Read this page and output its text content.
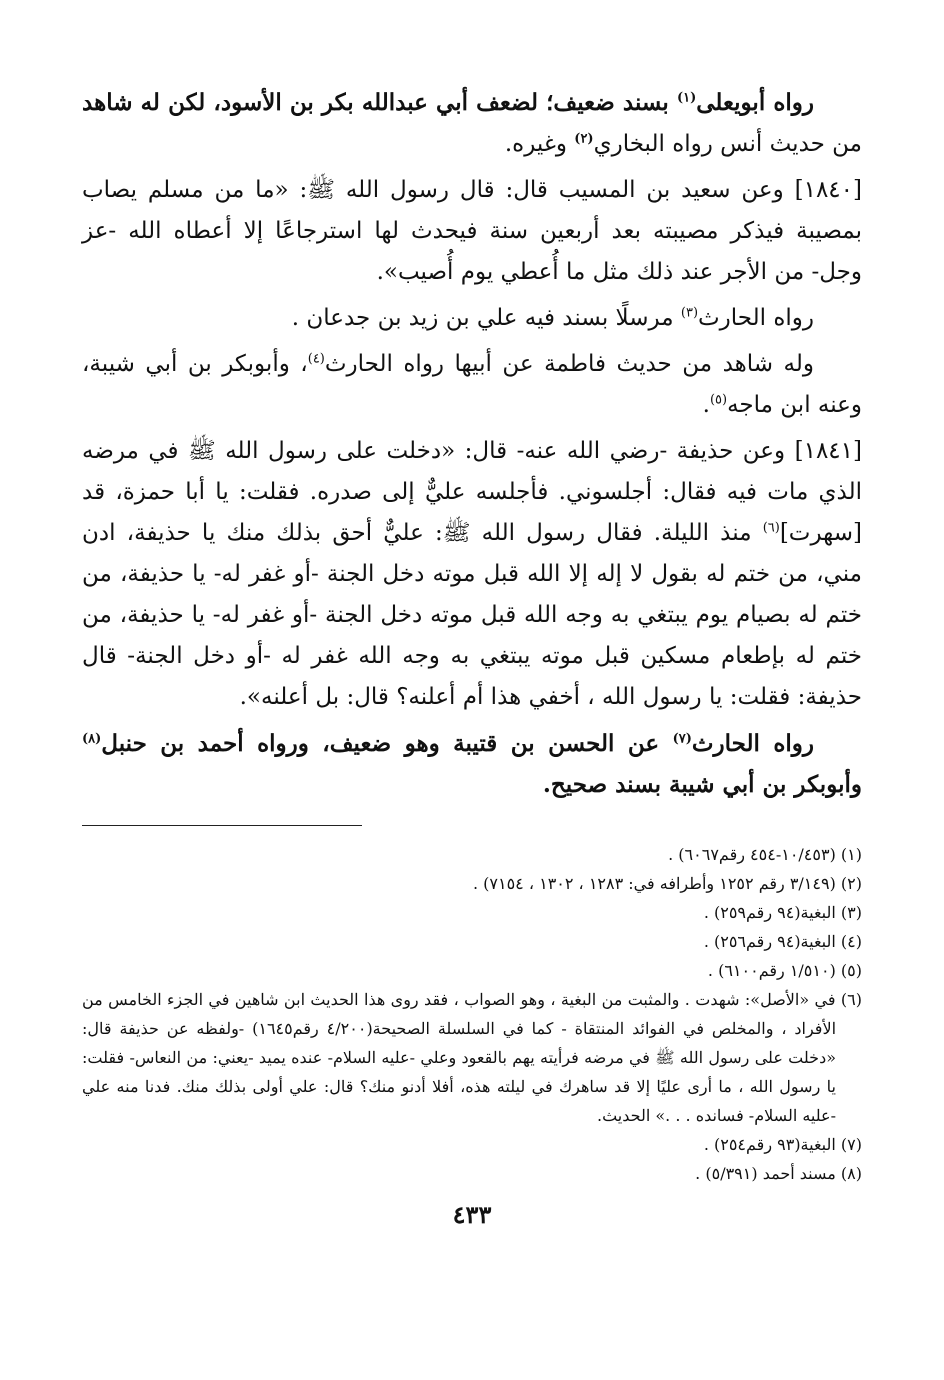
رواه أبويعلى$^{(١)}$ بسند ضعيف؛ لضعف أبي عبدالله بكر بن الأسود، لكن له شاهد من حديث أنس رواه البخاري$^{(٢)}$ وغيره.

[١٨٤٠] وعن سعيد بن المسيب قال: قال رسول الله ﷺ: «ما من مسلم يصاب بمصيبة فيذكر مصيبته بعد أربعين سنة فيحدث لها استرجاعًا إلا أعطاه الله -عز وجل- من الأجر عند ذلك مثل ما أُعطي يوم أُصيب».

رواه الحارث$^{(٣)}$ مرسلًا بسند فيه علي بن زيد بن جدعان .

وله شاهد من حديث فاطمة عن أبيها رواه الحارث$^{(٤)}$، وأبوبكر بن أبي شيبة، وعنه ابن ماجه$^{(٥)}$.

[١٨٤١] وعن حذيفة -رضي الله عنه- قال: «دخلت على رسول الله ﷺ في مرضه الذي مات فيه فقال: أجلسوني. فأجلسه عليٌّ إلى صدره. فقلت: يا أبا حمزة، قد [سهرت]$^{(٦)}$ منذ الليلة. فقال رسول الله ﷺ: عليٌّ أحق بذلك منك يا حذيفة، ادن مني، من ختم له بقول لا إله إلا الله قبل موته دخل الجنة -أو غفر له- يا حذيفة، من ختم له بصيام يوم يبتغي به وجه الله قبل موته دخل الجنة -أو غفر له- يا حذيفة، من ختم له بإطعام مسكين قبل موته يبتغي به وجه الله غفر له -أو دخل الجنة- قال حذيفة: فقلت: يا رسول الله ، أخفي هذا أم أعلنه؟ قال: بل أعلنه».

رواه الحارث$^{(٧)}$ عن الحسن بن قتيبة وهو ضعيف، ورواه أحمد بن حنبل$^{(٨)}$ وأبوبكر بن أبي شيبة بسند صحيح.

(١) (١٠/٤٥٣-٤٥٤ رقم٦٠٦٧) .

(٢) (٣/١٤٩ رقم ١٢٥٢ وأطرافه في: ١٢٨٣ ، ١٣٠٢ ، ٧١٥٤) .

(٣) البغية(٩٤ رقم٢٥٩) .

(٤) البغية(٩٤ رقم٢٥٦) .

(٥) (١/٥١٠ رقم٦١٠٠) .

(٦) في «الأصل»: شهدت . والمثبت من البغية ، وهو الصواب ، فقد روى هذا الحديث ابن شاهين في الجزء الخامس من الأفراد ، والمخلص في الفوائد المنتقاة - كما في السلسلة الصحيحة(٤/٢٠٠ رقم١٦٤٥) -ولفظه عن حذيفة قال: «دخلت على رسول الله ﷺ في مرضه فرأيته يهم بالقعود وعلي -عليه السلام- عنده يميد -يعني: من النعاس- فقلت: يا رسول الله ، ما أرى عليًا إلا قد ساهرك في ليلته هذه، أفلا أدنو منك؟ قال: علي أولى بذلك منك. فدنا منه علي -عليه السلام- فسانده . . .» الحديث.

(٧) البغية(٩٣ رقم٢٥٤) .

(٨) مسند أحمد (٥/٣٩١) .

٤٣٣
